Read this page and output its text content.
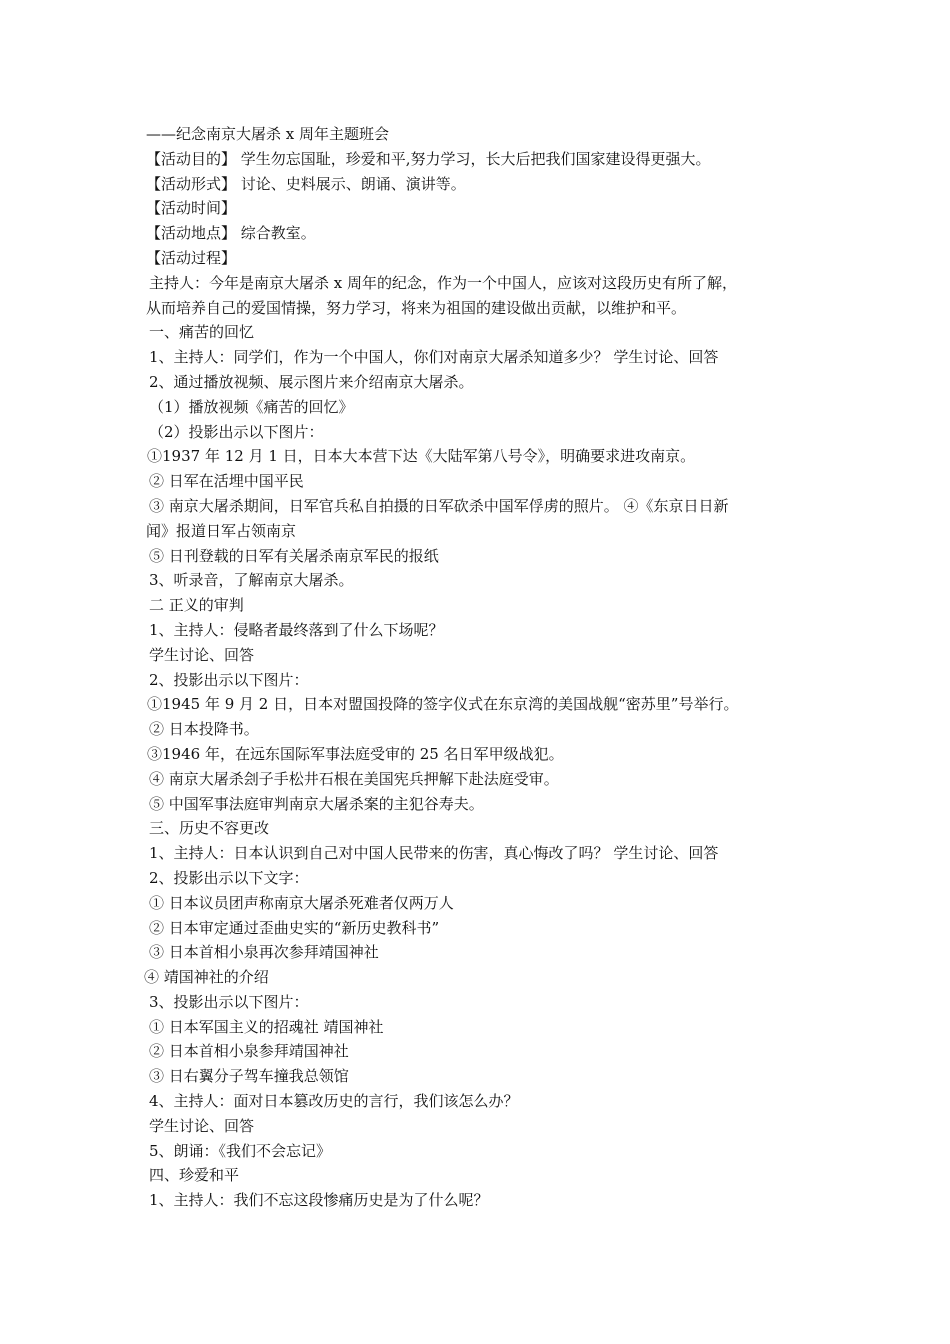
——纪念南京大屠杀 x 周年主题班会

【活动目的】 学生勿忘国耻，珍爱和平,努力学习，长大后把我们国家建设得更强大。

【活动形式】 讨论、史料展示、朗诵、演讲等。

【活动时间】

【活动地点】 综合教室。

【活动过程】

主持人：今年是南京大屠杀 x 周年的纪念，作为一个中国人，应该对这段历史有所了解，

从而培养自己的爱国情操，努力学习，将来为祖国的建设做出贡献，以维护和平。

一、痛苦的回忆

1、主持人：同学们，作为一个中国人，你们对南京大屠杀知道多少？ 学生讨论、回答

2、通过播放视频、展示图片来介绍南京大屠杀。

（1）播放视频《痛苦的回忆》

（2）投影出示以下图片：

①1937 年 12 月 1 日，日本大本营下达《大陆军第八号令》，明确要求进攻南京。

② 日军在活埋中国平民

③ 南京大屠杀期间，日军官兵私自拍摄的日军砍杀中国军俘虏的照片。 ④《东京日日新

闻》报道日军占领南京

⑤ 日刊登载的日军有关屠杀南京军民的报纸

3、听录音，了解南京大屠杀。

二 正义的审判

1、主持人：侵略者最终落到了什么下场呢？

学生讨论、回答

2、投影出示以下图片：

①1945 年 9 月 2 日，日本对盟国投降的签字仪式在东京湾的美国战舰“密苏里”号举行。

② 日本投降书。

③1946 年，在远东国际军事法庭受审的 25 名日军甲级战犯。

④ 南京大屠杀刽子手松井石根在美国宪兵押解下赴法庭受审。

⑤ 中国军事法庭审判南京大屠杀案的主犯谷寿夫。

三、历史不容更改

1、主持人：日本认识到自己对中国人民带来的伤害，真心悔改了吗？ 学生讨论、回答

2、投影出示以下文字：

① 日本议员团声称南京大屠杀死难者仅两万人

② 日本审定通过歪曲史实的“新历史教科书”

③ 日本首相小泉再次参拜靖国神社

④ 靖国神社的介绍

3、投影出示以下图片：

① 日本军国主义的招魂社 靖国神社

② 日本首相小泉参拜靖国神社

③ 日右翼分子驾车撞我总领馆

4、主持人：面对日本篡改历史的言行，我们该怎么办？

学生讨论、回答

5、朗诵：《我们不会忘记》

四、珍爱和平

1、主持人：我们不忘这段惨痛历史是为了什么呢？
